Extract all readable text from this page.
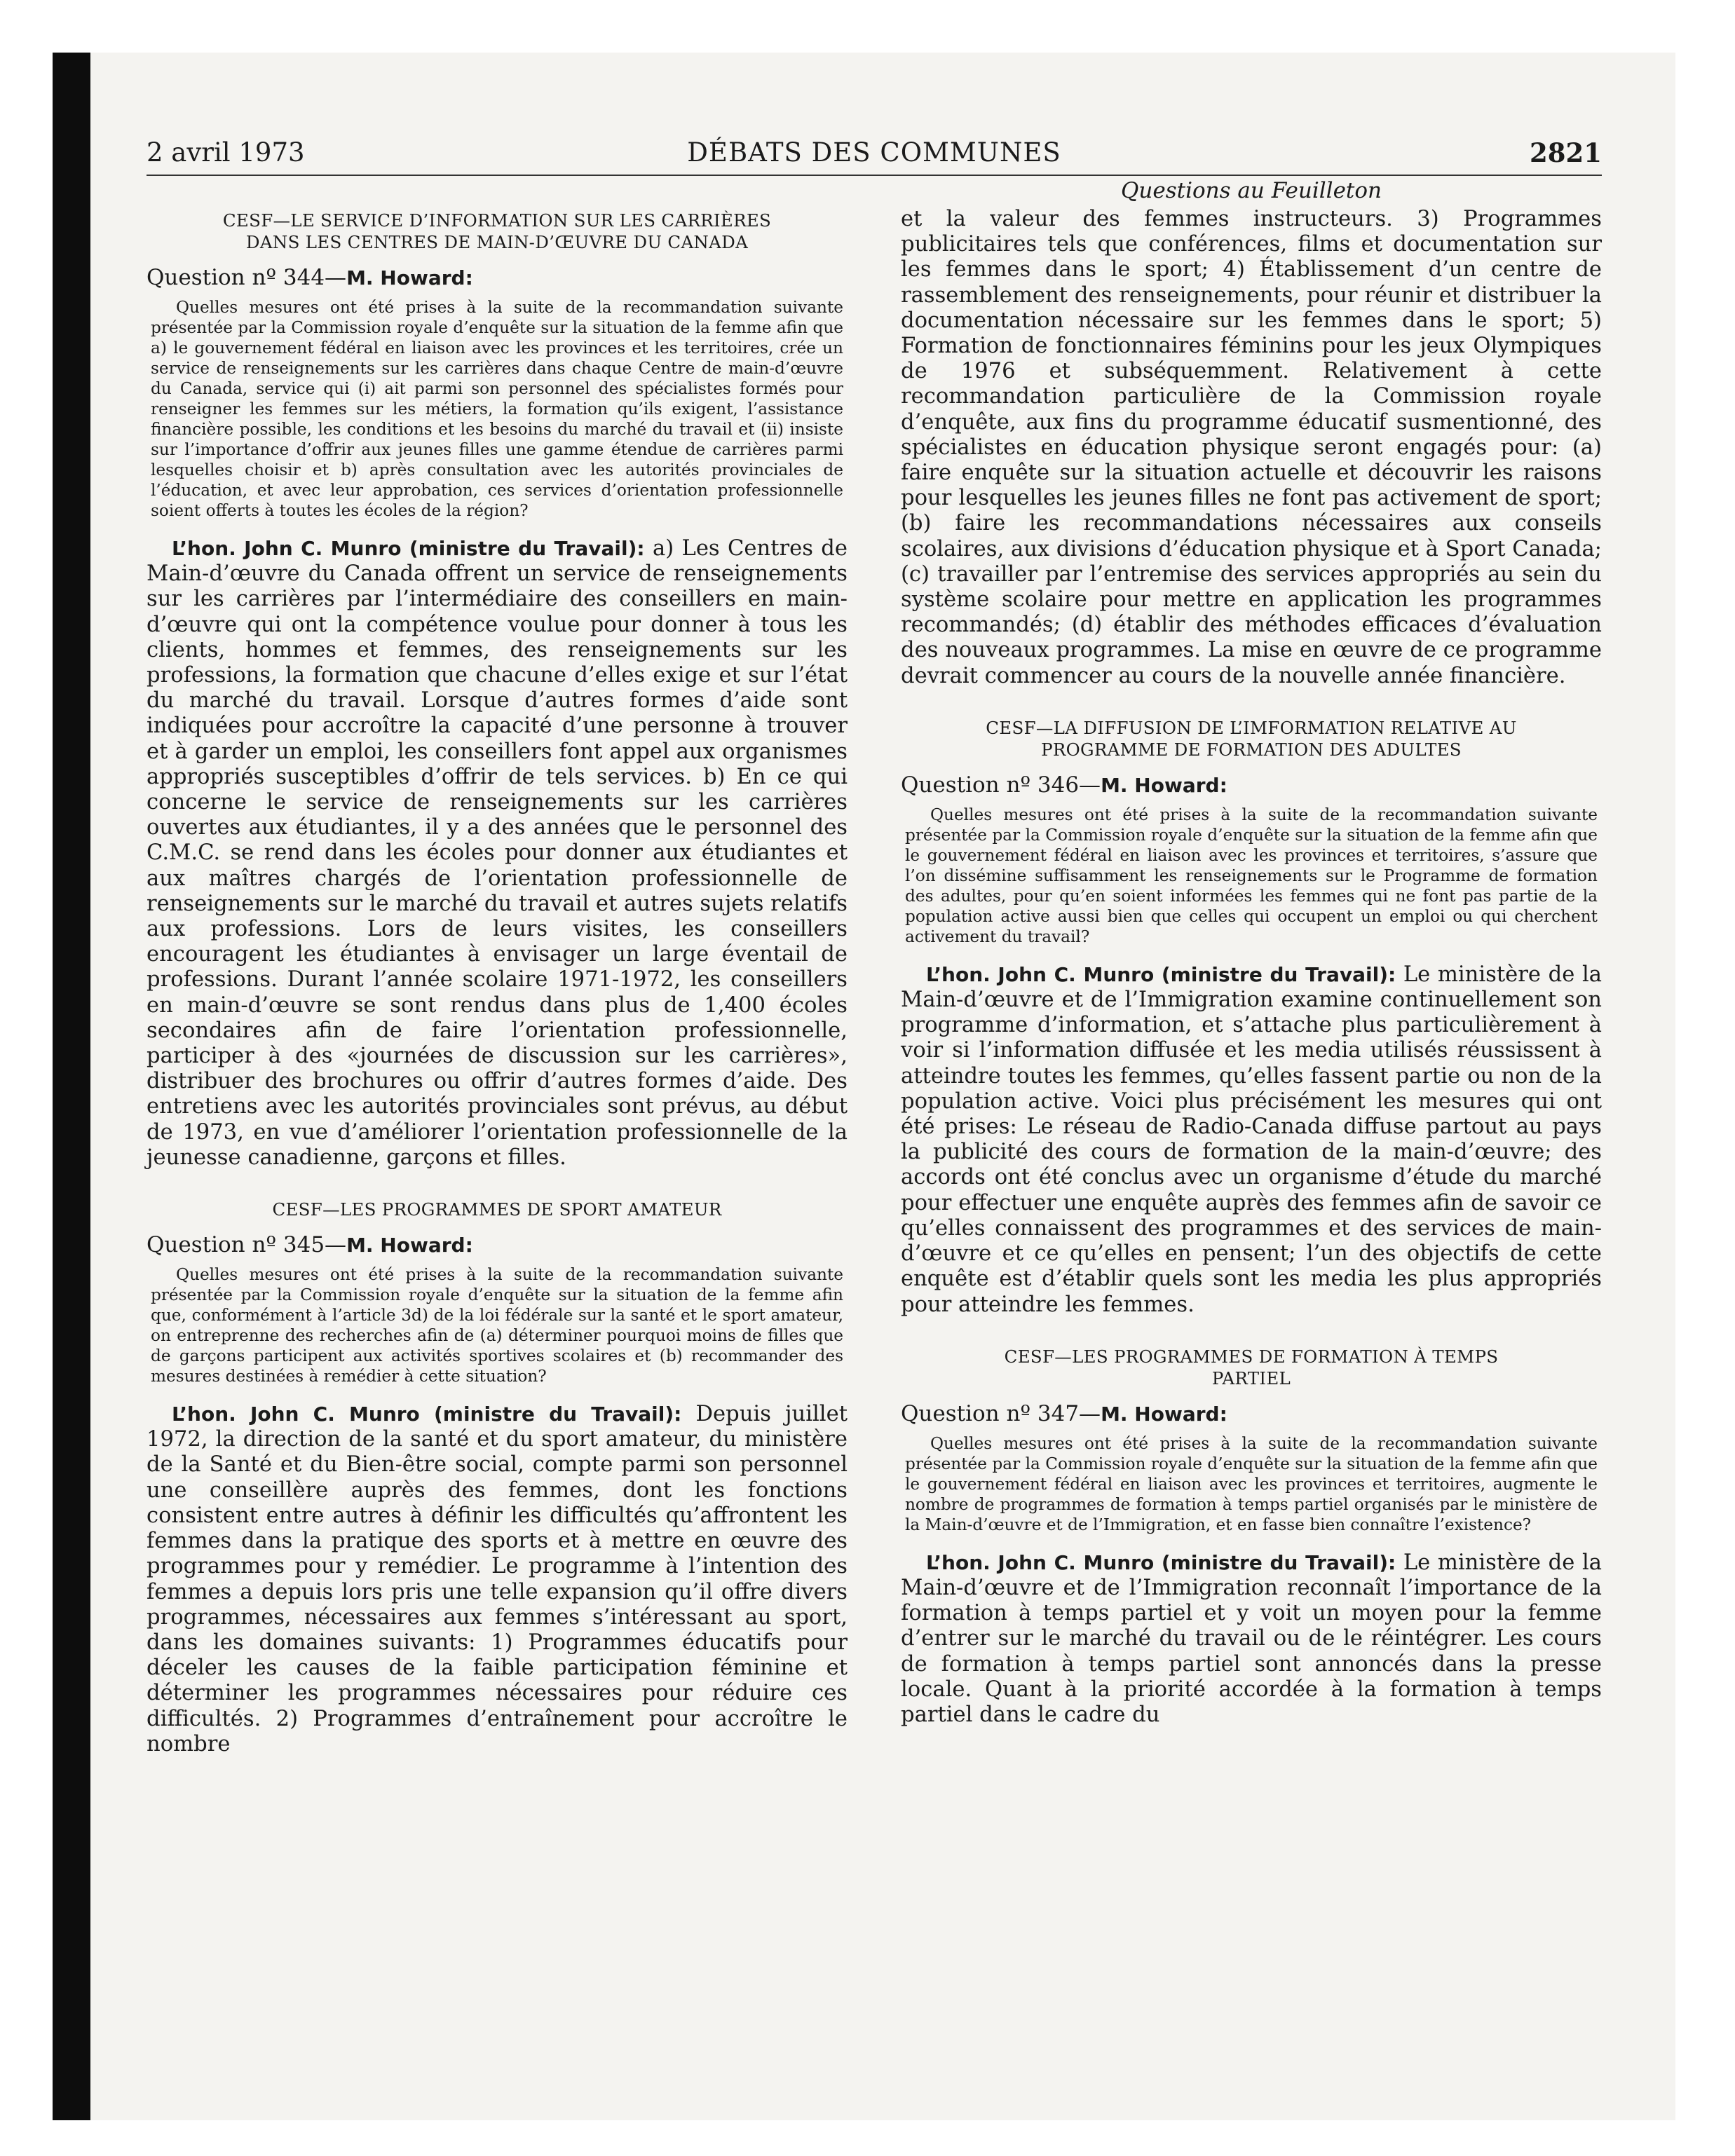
2 avril 1973	DÉBATS DES COMMUNES	2821
CESF—LE SERVICE D’INFORMATION SUR LES CARRIÈRES
DANS LES CENTRES DE MAIN-D’ŒUVRE DU CANADA
Question nº 344—M. Howard:

Quelles mesures ont été prises à la suite de la recommandation suivante présentée par la Commission royale d’enquête sur la situation de la femme afin que a) le gouvernement fédéral en liaison avec les provinces et les territoires, crée un service de renseignements sur les carrières dans chaque Centre de main-d’œuvre du Canada, service qui (i) ait parmi son personnel des spécialistes formés pour renseigner les femmes sur les métiers, la formation qu’ils exigent, l’assistance financière possible, les conditions et les besoins du marché du travail et (ii) insiste sur l’importance d’offrir aux jeunes filles une gamme étendue de carrières parmi lesquelles choisir et b) après consultation avec les autorités provinciales de l’éducation, et avec leur approbation, ces services d’orientation professionnelle soient offerts à toutes les écoles de la région?

L’hon. John C. Munro (ministre du Travail): a) Les Centres de Main-d’œuvre du Canada offrent un service de renseignements sur les carrières par l’intermédiaire des conseillers en main-d’œuvre qui ont la compétence voulue pour donner à tous les clients, hommes et femmes, des renseignements sur les professions, la formation que chacune d’elles exige et sur l’état du marché du travail. Lorsque d’autres formes d’aide sont indiquées pour accroître la capacité d’une personne à trouver et à garder un emploi, les conseillers font appel aux organismes appropriés susceptibles d’offrir de tels services. b) En ce qui concerne le service de renseignements sur les carrières ouvertes aux étudiantes, il y a des années que le personnel des C.M.C. se rend dans les écoles pour donner aux étudiantes et aux maîtres chargés de l’orientation professionnelle de renseignements sur le marché du travail et autres sujets relatifs aux professions. Lors de leurs visites, les conseillers encouragent les étudiantes à envisager un large éventail de professions. Durant l’année scolaire 1971-1972, les conseillers en main-d’œuvre se sont rendus dans plus de 1,400 écoles secondaires afin de faire l’orientation professionnelle, participer à des «journées de discussion sur les carrières», distribuer des brochures ou offrir d’autres formes d’aide. Des entretiens avec les autorités provinciales sont prévus, au début de 1973, en vue d’améliorer l’orientation professionnelle de la jeunesse canadienne, garçons et filles.

CESF—LES PROGRAMMES DE SPORT AMATEUR
Question nº 345—M. Howard:

Quelles mesures ont été prises à la suite de la recommandation suivante présentée par la Commission royale d’enquête sur la situation de la femme afin que, conformément à l’article 3d) de la loi fédérale sur la santé et le sport amateur, on entreprenne des recherches afin de (a) déterminer pourquoi moins de filles que de garçons participent aux activités sportives scolaires et (b) recommander des mesures destinées à remédier à cette situation?

L’hon. John C. Munro (ministre du Travail): Depuis juillet 1972, la direction de la santé et du sport amateur, du ministère de la Santé et du Bien-être social, compte parmi son personnel une conseillère auprès des femmes, dont les fonctions consistent entre autres à définir les difficultés qu’affrontent les femmes dans la pratique des sports et à mettre en œuvre des programmes pour y remédier. Le programme à l’intention des femmes a depuis lors pris une telle expansion qu’il offre divers programmes, nécessaires aux femmes s’intéressant au sport, dans les domaines suivants: 1) Programmes éducatifs pour déceler les causes de la faible participation féminine et déterminer les programmes nécessaires pour réduire ces difficultés. 2) Programmes d’entraînement pour accroître le nombre

Questions au Feuilleton

et la valeur des femmes instructeurs. 3) Programmes publicitaires tels que conférences, films et documentation sur les femmes dans le sport; 4) Établissement d’un centre de rassemblement des renseignements, pour réunir et distribuer la documentation nécessaire sur les femmes dans le sport; 5) Formation de fonctionnaires féminins pour les jeux Olympiques de 1976 et subséquemment. Relativement à cette recommandation particulière de la Commission royale d’enquête, aux fins du programme éducatif susmentionné, des spécialistes en éducation physique seront engagés pour: (a) faire enquête sur la situation actuelle et découvrir les raisons pour lesquelles les jeunes filles ne font pas activement de sport; (b) faire les recommandations nécessaires aux conseils scolaires, aux divisions d’éducation physique et à Sport Canada; (c) travailler par l’entremise des services appropriés au sein du système scolaire pour mettre en application les programmes recommandés; (d) établir des méthodes efficaces d’évaluation des nouveaux programmes. La mise en œuvre de ce programme devrait commencer au cours de la nouvelle année financière.

CESF—LA DIFFUSION DE L’IMFORMATION RELATIVE AU
PROGRAMME DE FORMATION DES ADULTES
Question nº 346—M. Howard:

Quelles mesures ont été prises à la suite de la recommandation suivante présentée par la Commission royale d’enquête sur la situation de la femme afin que le gouvernement fédéral en liaison avec les provinces et territoires, s’assure que l’on dissémine suffisamment les renseignements sur le Programme de formation des adultes, pour qu’en soient informées les femmes qui ne font pas partie de la population active aussi bien que celles qui occupent un emploi ou qui cherchent activement du travail?

L’hon. John C. Munro (ministre du Travail): Le ministère de la Main-d’œuvre et de l’Immigration examine continuellement son programme d’information, et s’attache plus particulièrement à voir si l’information diffusée et les media utilisés réussissent à atteindre toutes les femmes, qu’elles fassent partie ou non de la population active. Voici plus précisément les mesures qui ont été prises: Le réseau de Radio-Canada diffuse partout au pays la publicité des cours de formation de la main-d’œuvre; des accords ont été conclus avec un organisme d’étude du marché pour effectuer une enquête auprès des femmes afin de savoir ce qu’elles connaissent des programmes et des services de main-d’œuvre et ce qu’elles en pensent; l’un des objectifs de cette enquête est d’établir quels sont les media les plus appropriés pour atteindre les femmes.

CESF—LES PROGRAMMES DE FORMATION À TEMPS
PARTIEL
Question nº 347—M. Howard:

Quelles mesures ont été prises à la suite de la recommandation suivante présentée par la Commission royale d’enquête sur la situation de la femme afin que le gouvernement fédéral en liaison avec les provinces et territoires, augmente le nombre de programmes de formation à temps partiel organisés par le ministère de la Main-d’œuvre et de l’Immigration, et en fasse bien connaître l’existence?

L’hon. John C. Munro (ministre du Travail): Le ministère de la Main-d’œuvre et de l’Immigration reconnaît l’importance de la formation à temps partiel et y voit un moyen pour la femme d’entrer sur le marché du travail ou de le réintégrer. Les cours de formation à temps partiel sont annoncés dans la presse locale. Quant à la priorité accordée à la formation à temps partiel dans le cadre du
